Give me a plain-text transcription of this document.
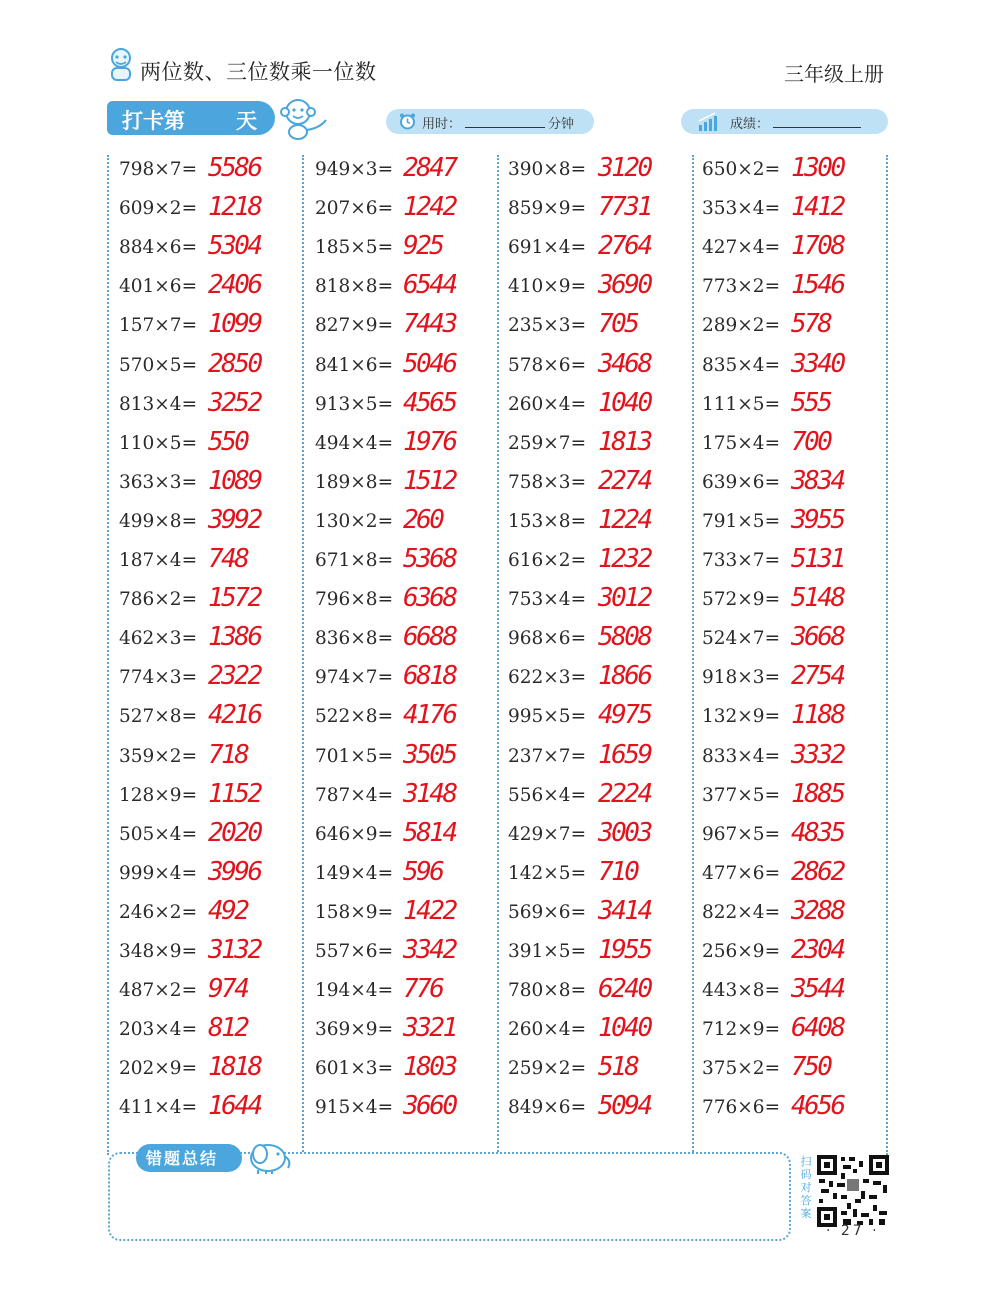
两位数、三位数乘一位数	三年级上册
打卡第 天	用时：	分钟	成绩：
798×7= 5586
609×2= 1218
884×6= 5304
401×6= 2406
157×7= 1099
570×5= 2850
813×4= 3252
110×5= 550
363×3= 1089
499×8= 3992
187×4= 748
786×2= 1572
462×3= 1386
774×3= 2322
527×8= 4216
359×2= 718
128×9= 1152
505×4= 2020
999×4= 3996
246×2= 492
348×9= 3132
487×2= 974
203×4= 812
202×9= 1818
411×4= 1644
949×3= 2847
207×6= 1242
185×5= 925
818×8= 6544
827×9= 7443
841×6= 5046
913×5= 4565
494×4= 1976
189×8= 1512
130×2= 260
671×8= 5368
796×8= 6368
836×8= 6688
974×7= 6818
522×8= 4176
701×5= 3505
787×4= 3148
646×9= 5814
149×4= 596
158×9= 1422
557×6= 3342
194×4= 776
369×9= 3321
601×3= 1803
915×4= 3660
390×8= 3120
859×9= 7731
691×4= 2764
410×9= 3690
235×3= 705
578×6= 3468
260×4= 1040
259×7= 1813
758×3= 2274
153×8= 1224
616×2= 1232
753×4= 3012
968×6= 5808
622×3= 1866
995×5= 4975
237×7= 1659
556×4= 2224
429×7= 3003
142×5= 710
569×6= 3414
391×5= 1955
780×8= 6240
260×4= 1040
259×2= 518
849×6= 5094
650×2= 1300
353×4= 1412
427×4= 1708
773×2= 1546
289×2= 578
835×4= 3340
111×5= 555
175×4= 700
639×6= 3834
791×5= 3955
733×7= 5131
572×9= 5148
524×7= 3668
918×3= 2754
132×9= 1188
833×4= 3332
377×5= 1885
967×5= 4835
477×6= 2862
822×4= 3288
256×9= 2304
443×8= 3544
712×9= 6408
375×2= 750
776×6= 4656
错题总结	扫码对答案
· 27 ·
